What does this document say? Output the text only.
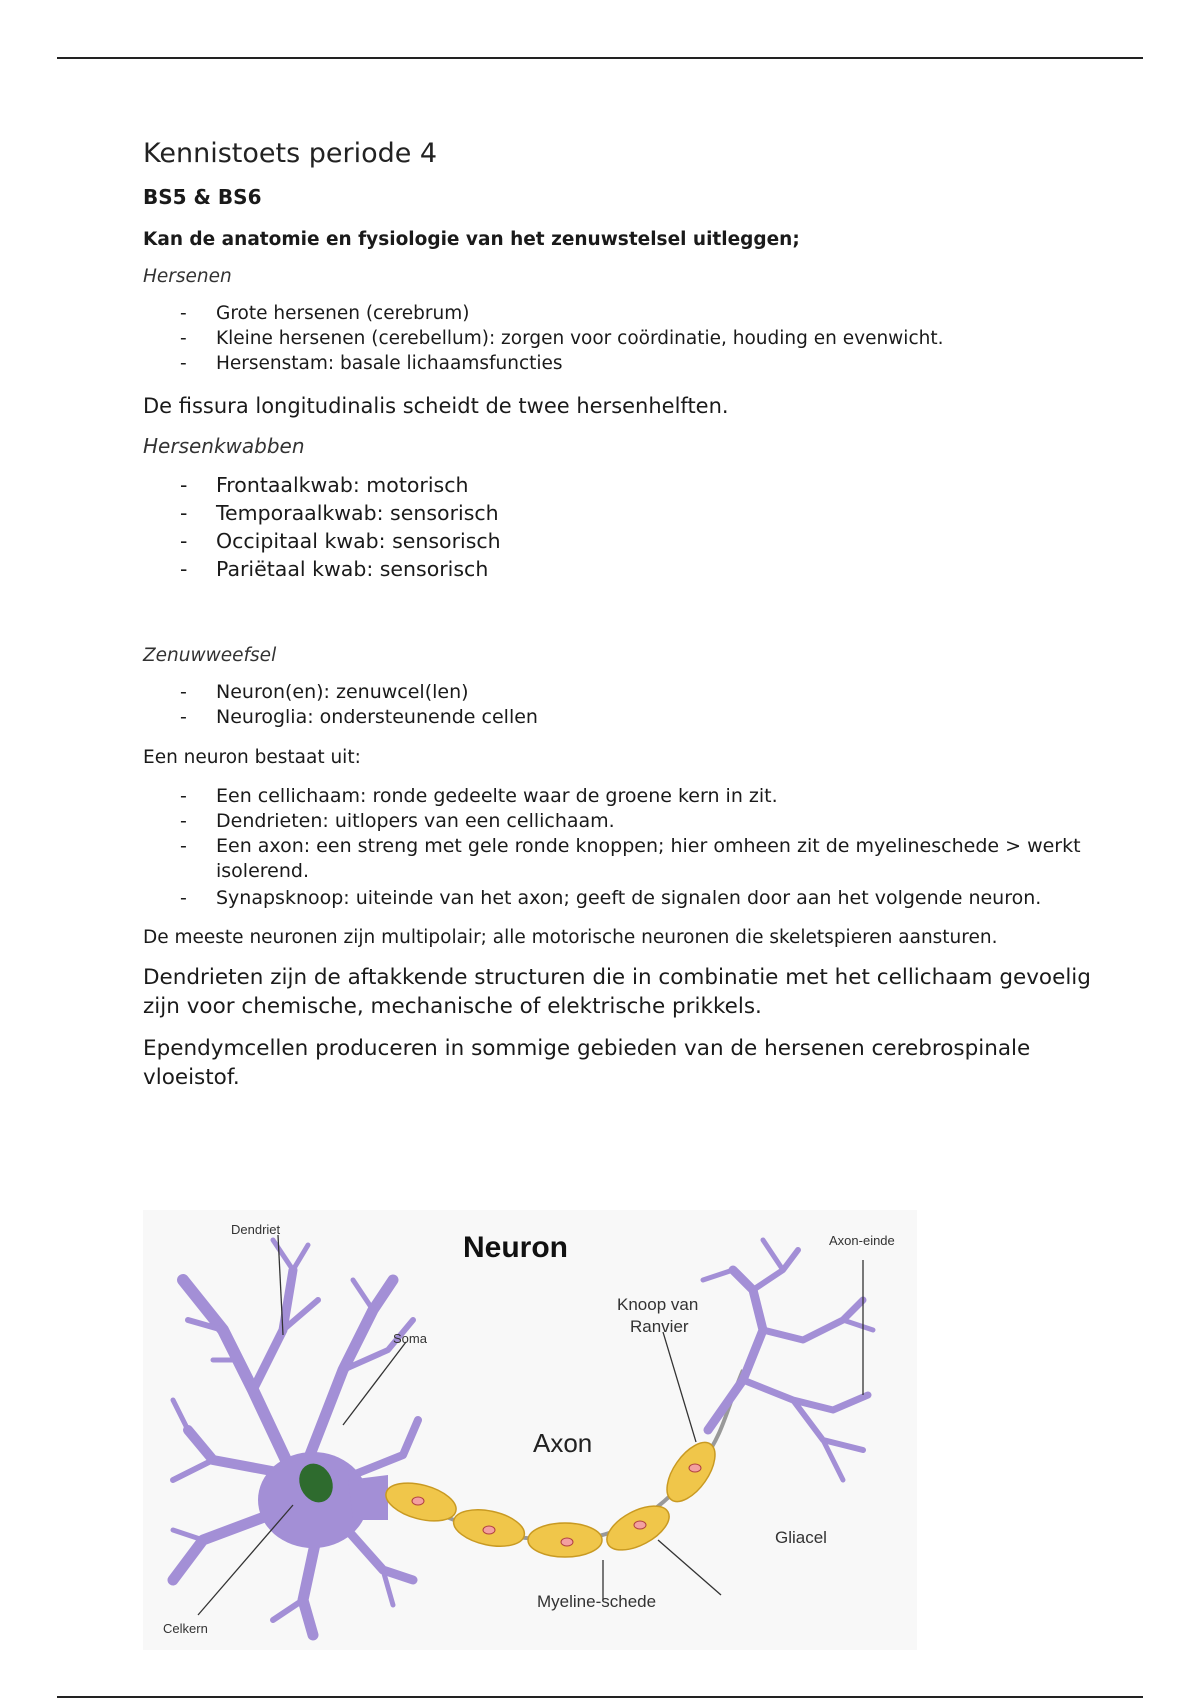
Kennistoets periode 4
BS5 & BS6
Kan de anatomie en fysiologie van het zenuwstelsel uitleggen;
Hersenen
- Grote hersenen (cerebrum)
- Kleine hersenen (cerebellum): zorgen voor coördinatie, houding en evenwicht.
- Hersenstam: basale lichaamsfuncties

De fissura longitudinalis scheidt de twee hersenhelften.

Hersenkwabben
- Frontaalkwab: motorisch
- Temporaalkwab: sensorisch
- Occipitaal kwab: sensorisch
- Pariëtaal kwab: sensorisch
Zenuwweefsel
- Neuron(en): zenuwcel(len)
- Neuroglia: ondersteunende cellen

Een neuron bestaat uit:

- Een cellichaam: ronde gedeelte waar de groene kern in zit.
- Dendrieten: uitlopers van een cellichaam.
- Een axon: een streng met gele ronde knoppen; hier omheen zit de myelineschede > werkt isolerend.
- Synapsknoop: uiteinde van het axon; geeft de signalen door aan het volgende neuron.

De meeste neuronen zijn multipolair; alle motorische neuronen die skeletspieren aansturen.

Dendrieten zijn de aftakkende structuren die in combinatie met het cellichaam gevoelig zijn voor chemische, mechanische of elektrische prikkels.

Ependymcellen produceren in sommige gebieden van de hersenen cerebrospinale vloeistof.

Neuron
Dendriet
Soma
Knoop van
Ranvier
Axon-einde
Axon
Gliacel
Myeline-schede
Celkern
